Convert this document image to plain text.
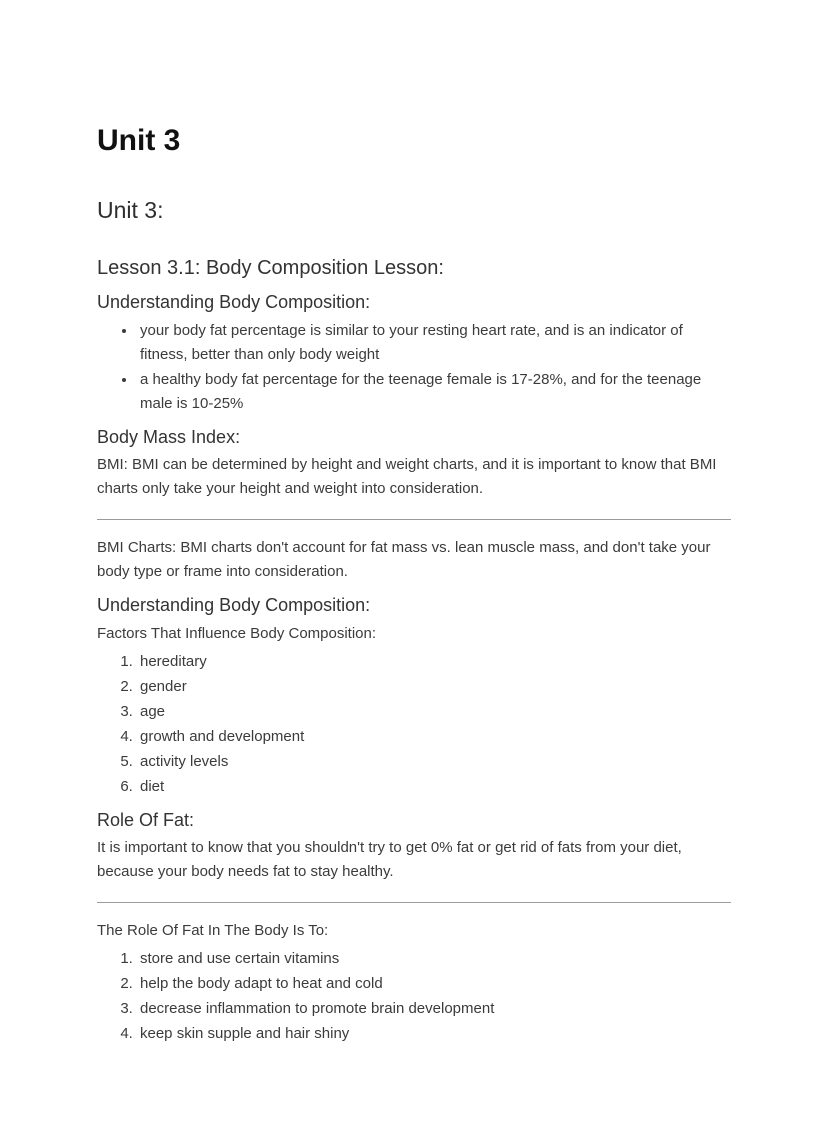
Unit 3
Unit 3:
Lesson 3.1: Body Composition Lesson:
Understanding Body Composition:
• your body fat percentage is similar to your resting heart rate, and is an indicator of fitness, better than only body weight
• a healthy body fat percentage for the teenage female is 17-28%, and for the teenage male is 10-25%
Body Mass Index:

BMI: BMI can be determined by height and weight charts, and it is important to know that BMI charts only take your height and weight into consideration.

BMI Charts: BMI charts don't account for fat mass vs. lean muscle mass, and don't take your body type or frame into consideration.

Understanding Body Composition:

Factors That Influence Body Composition:

1. hereditary
2. gender
3. age
4. growth and development
5. activity levels
6. diet
Role Of Fat:

It is important to know that you shouldn't try to get 0% fat or get rid of fats from your diet, because your body needs fat to stay healthy.

The Role Of Fat In The Body Is To:

1. store and use certain vitamins
2. help the body adapt to heat and cold
3. decrease inflammation to promote brain development
4. keep skin supple and hair shiny
